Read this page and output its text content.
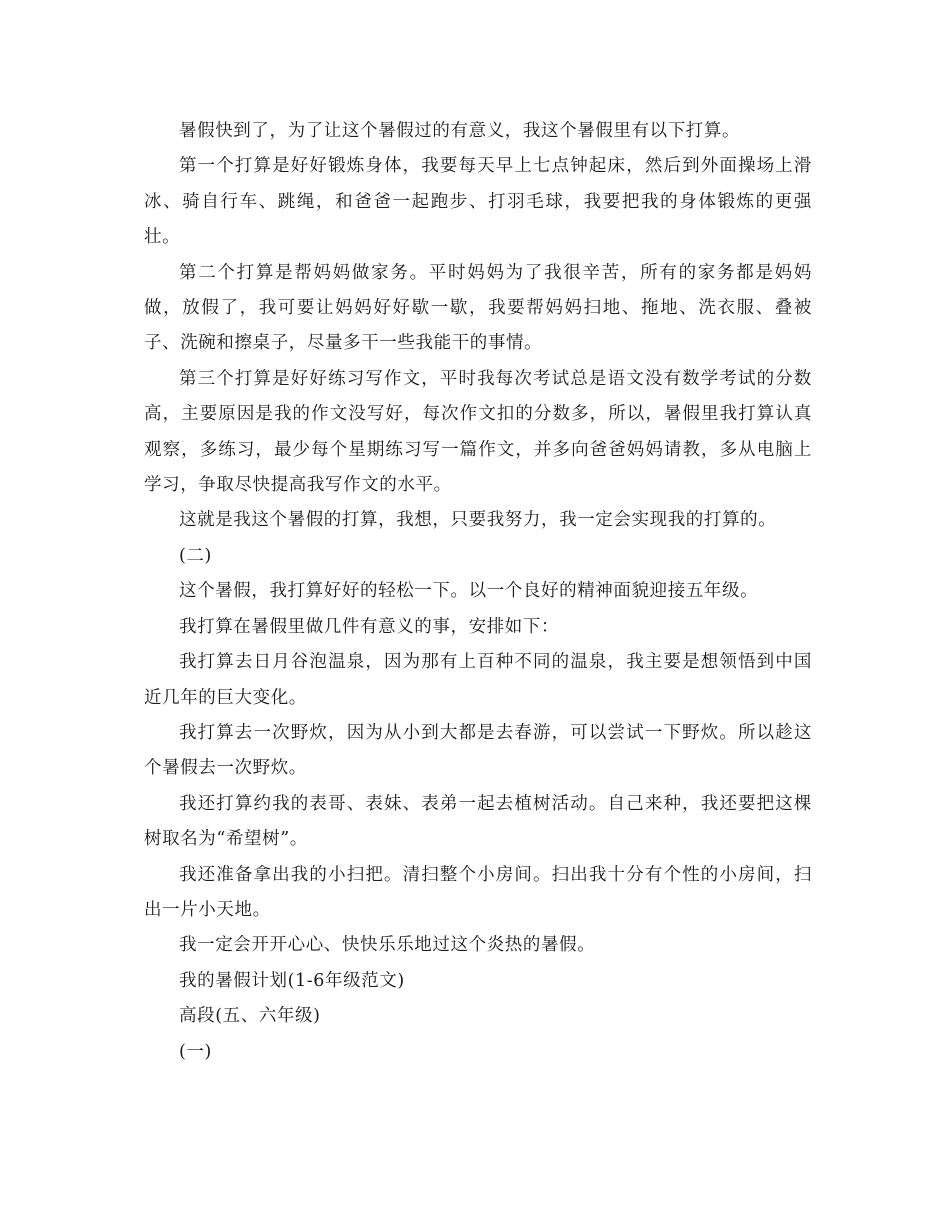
暑假快到了，为了让这个暑假过的有意义，我这个暑假里有以下打算。

第一个打算是好好锻炼身体，我要每天早上七点钟起床，然后到外面操场上滑冰、骑自行车、跳绳，和爸爸一起跑步、打羽毛球，我要把我的身体锻炼的更强壮。

第二个打算是帮妈妈做家务。平时妈妈为了我很辛苦，所有的家务都是妈妈做，放假了，我可要让妈妈好好歇一歇，我要帮妈妈扫地、拖地、洗衣服、叠被子、洗碗和擦桌子，尽量多干一些我能干的事情。

第三个打算是好好练习写作文，平时我每次考试总是语文没有数学考试的分数高，主要原因是我的作文没写好，每次作文扣的分数多，所以，暑假里我打算认真观察，多练习，最少每个星期练习写一篇作文，并多向爸爸妈妈请教，多从电脑上学习，争取尽快提高我写作文的水平。

这就是我这个暑假的打算，我想，只要我努力，我一定会实现我的打算的。

(二)

这个暑假，我打算好好的轻松一下。以一个良好的精神面貌迎接五年级。

我打算在暑假里做几件有意义的事，安排如下：

我打算去日月谷泡温泉，因为那有上百种不同的温泉，我主要是想领悟到中国近几年的巨大变化。

我打算去一次野炊，因为从小到大都是去春游，可以尝试一下野炊。所以趁这个暑假去一次野炊。

我还打算约我的表哥、表妹、表弟一起去植树活动。自己来种，我还要把这棵树取名为“希望树”。

我还准备拿出我的小扫把。清扫整个小房间。扫出我十分有个性的小房间，扫出一片小天地。

我一定会开开心心、快快乐乐地过这个炎热的暑假。

我的暑假计划(1-6年级范文)

高段(五、六年级)

(一)
